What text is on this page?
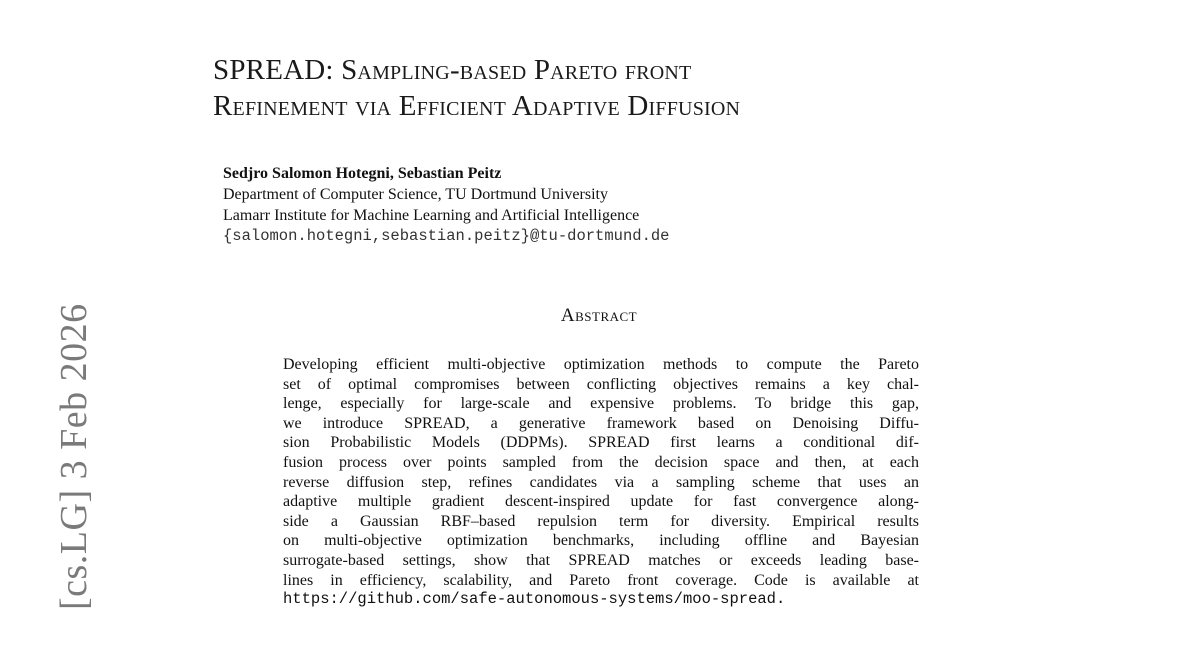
SPREAD: Sampling-based Pareto front
Refinement via Efficient Adaptive Diffusion
Sedjro Salomon Hotegni, Sebastian Peitz
Department of Computer Science, TU Dortmund University
Lamarr Institute for Machine Learning and Artificial Intelligence
{salomon.hotegni,sebastian.peitz}@tu-dortmund.de
Abstract
Developing efficient multi-objective optimization methods to compute the Pareto
set of optimal compromises between conflicting objectives remains a key chal-
lenge, especially for large-scale and expensive problems. To bridge this gap,
we introduce SPREAD, a generative framework based on Denoising Diffu-
sion Probabilistic Models (DDPMs). SPREAD first learns a conditional dif-
fusion process over points sampled from the decision space and then, at each
reverse diffusion step, refines candidates via a sampling scheme that uses an
adaptive multiple gradient descent-inspired update for fast convergence along-
side a Gaussian RBF–based repulsion term for diversity. Empirical results
on multi-objective optimization benchmarks, including offline and Bayesian
surrogate-based settings, show that SPREAD matches or exceeds leading base-
lines in efficiency, scalability, and Pareto front coverage. Code is available at
https://github.com/safe-autonomous-systems/moo-spread.
[cs.LG] 3 Feb 2026
